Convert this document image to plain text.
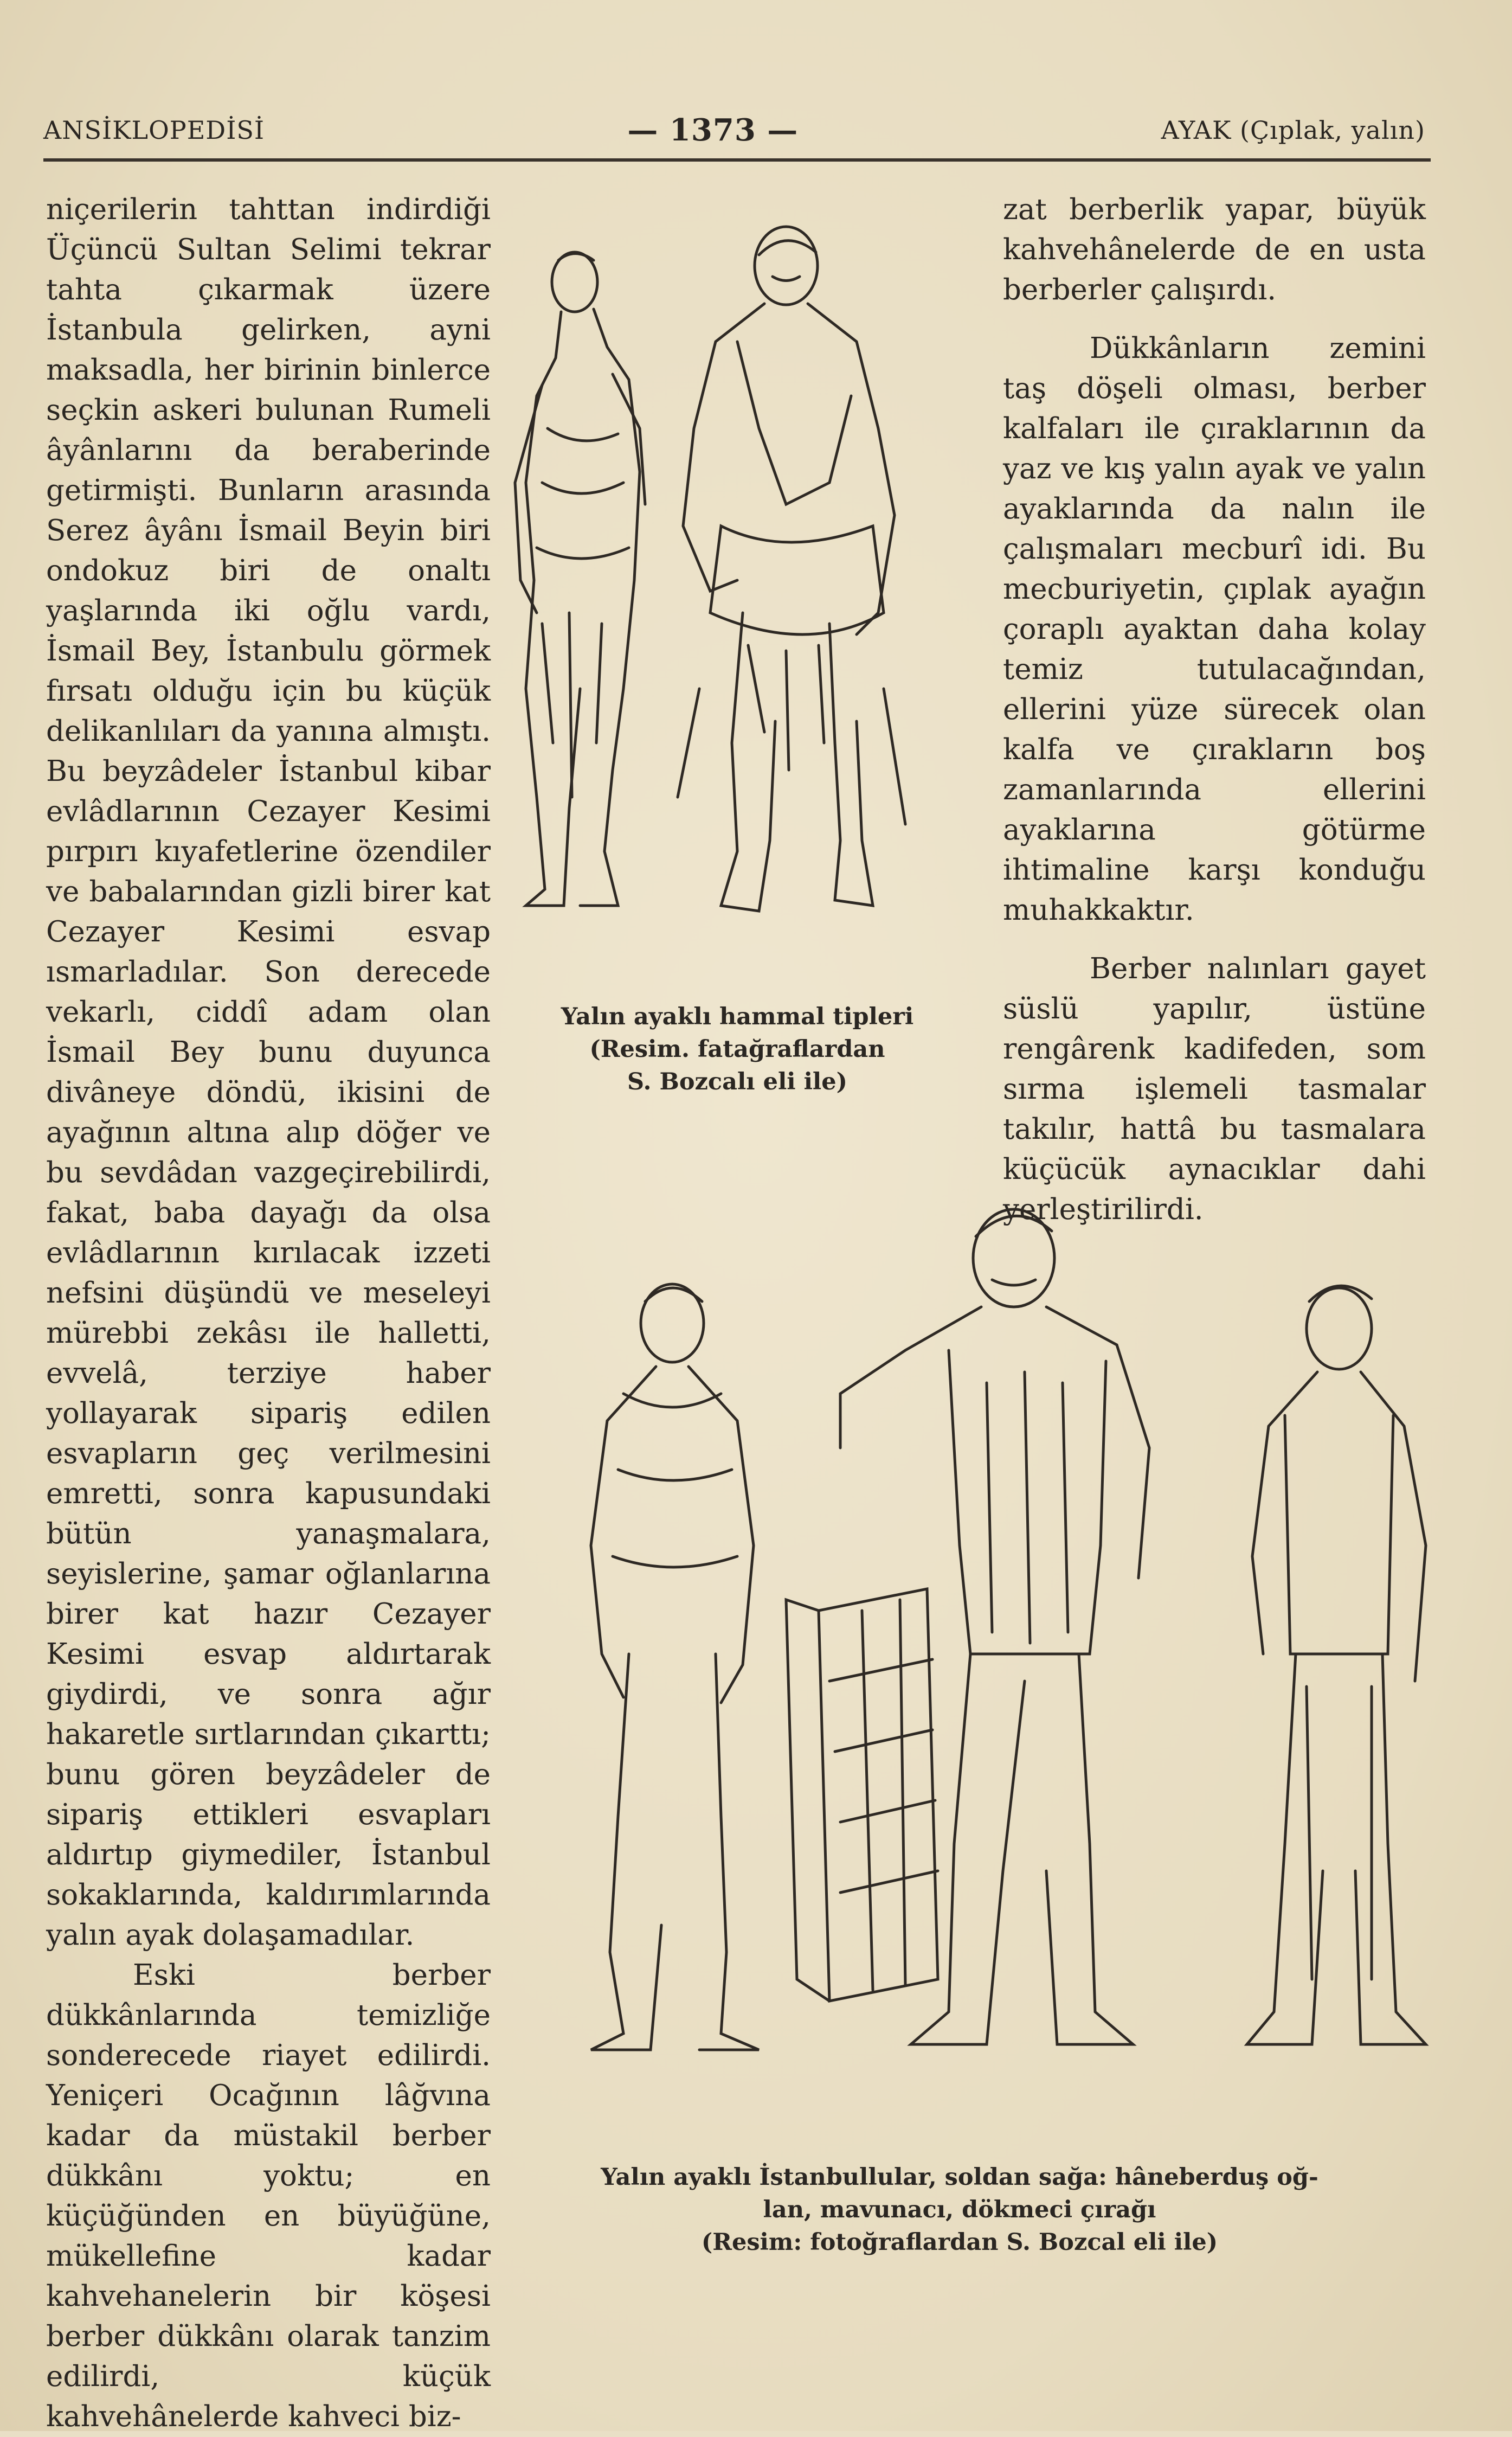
ANSİKLOPEDİSİ	— 1373 —	AYAK (Çıplak, yalın)

niçerilerin tahttan indirdiği Üçüncü Sultan Selimi tekrar tahta çıkarmak üzere İstanbula gelirken, ayni maksadla, her birinin binlerce seçkin askeri bulunan Rumeli âyânlarını da beraberinde getirmişti. Bunların arasında Serez âyânı İsmail Beyin biri ondokuz biri de onaltı yaşlarında iki oğlu vardı, İsmail Bey, İstanbulu görmek fırsatı olduğu için bu küçük delikanlıları da yanına almıştı. Bu beyzâdeler İstanbul kibar evlâdlarının Cezayer Kesimi pırpırı kıyafetlerine özendiler ve babalarından gizli birer kat Cezayer Kesimi esvap ısmarladılar. Son derecede vekarlı, ciddî adam olan İsmail Bey bunu duyunca divâneye döndü, ikisini de ayağının altına alıp döğer ve bu sevdâdan vazgeçirebilirdi, fakat, baba dayağı da olsa evlâdlarının kırılacak izzeti nefsini düşündü ve meseleyi mürebbi zekâsı ile halletti, evvelâ, terziye haber yollayarak sipariş edilen esvapların geç verilmesini emretti, sonra kapusundaki bütün yanaşmalara, seyislerine, şamar oğlanlarına birer kat hazır Cezayer Kesimi esvap aldırtarak giydirdi, ve sonra ağır hakaretle sırtlarından çıkarttı; bunu gören beyzâdeler de sipariş ettikleri esvapları aldırtıp giymediler, İstanbul sokaklarında, kaldırımlarında yalın ayak dolaşamadılar.

Eski berber dükkânlarında temizliğe sonderecede riayet edilirdi. Yeniçeri Ocağının lâğvına kadar da müstakil berber dükkânı yoktu; en küçüğünden en büyüğüne, mükellefine kadar kahvehanelerin bir köşesi berber dükkânı olarak tanzim edilirdi, küçük kahvehânelerde kahveci biz-

zat berberlik yapar, büyük kahvehânelerde de en usta berberler çalışırdı.

Dükkânların zemini taş döşeli olması, berber kalfaları ile çıraklarının da yaz ve kış yalın ayak ve yalın ayaklarında da nalın ile çalışmaları mecburî idi. Bu mecburiyetin, çıplak ayağın çoraplı ayaktan daha kolay temiz tutulacağından, ellerini yüze sürecek olan kalfa ve çırakların boş zamanlarında ellerini ayaklarına götürme ihtimaline karşı konduğu muhakkaktır.

Berber nalınları gayet süslü yapılır, üstüne rengârenk kadifeden, som sırma işlemeli tasmalar takılır, hattâ bu tasmalara küçücük aynacıklar dahi yerleştirilirdi.

Yalın ayaklı hammal tipleri
(Resim. fatağraflardan
S. Bozcalı eli ile)
Yalın ayaklı İstanbullular, soldan sağa: hâneberduş oğ-
lan, mavunacı, dökmeci çırağı
(Resim: fotoğraflardan S. Bozcal eli ile)
